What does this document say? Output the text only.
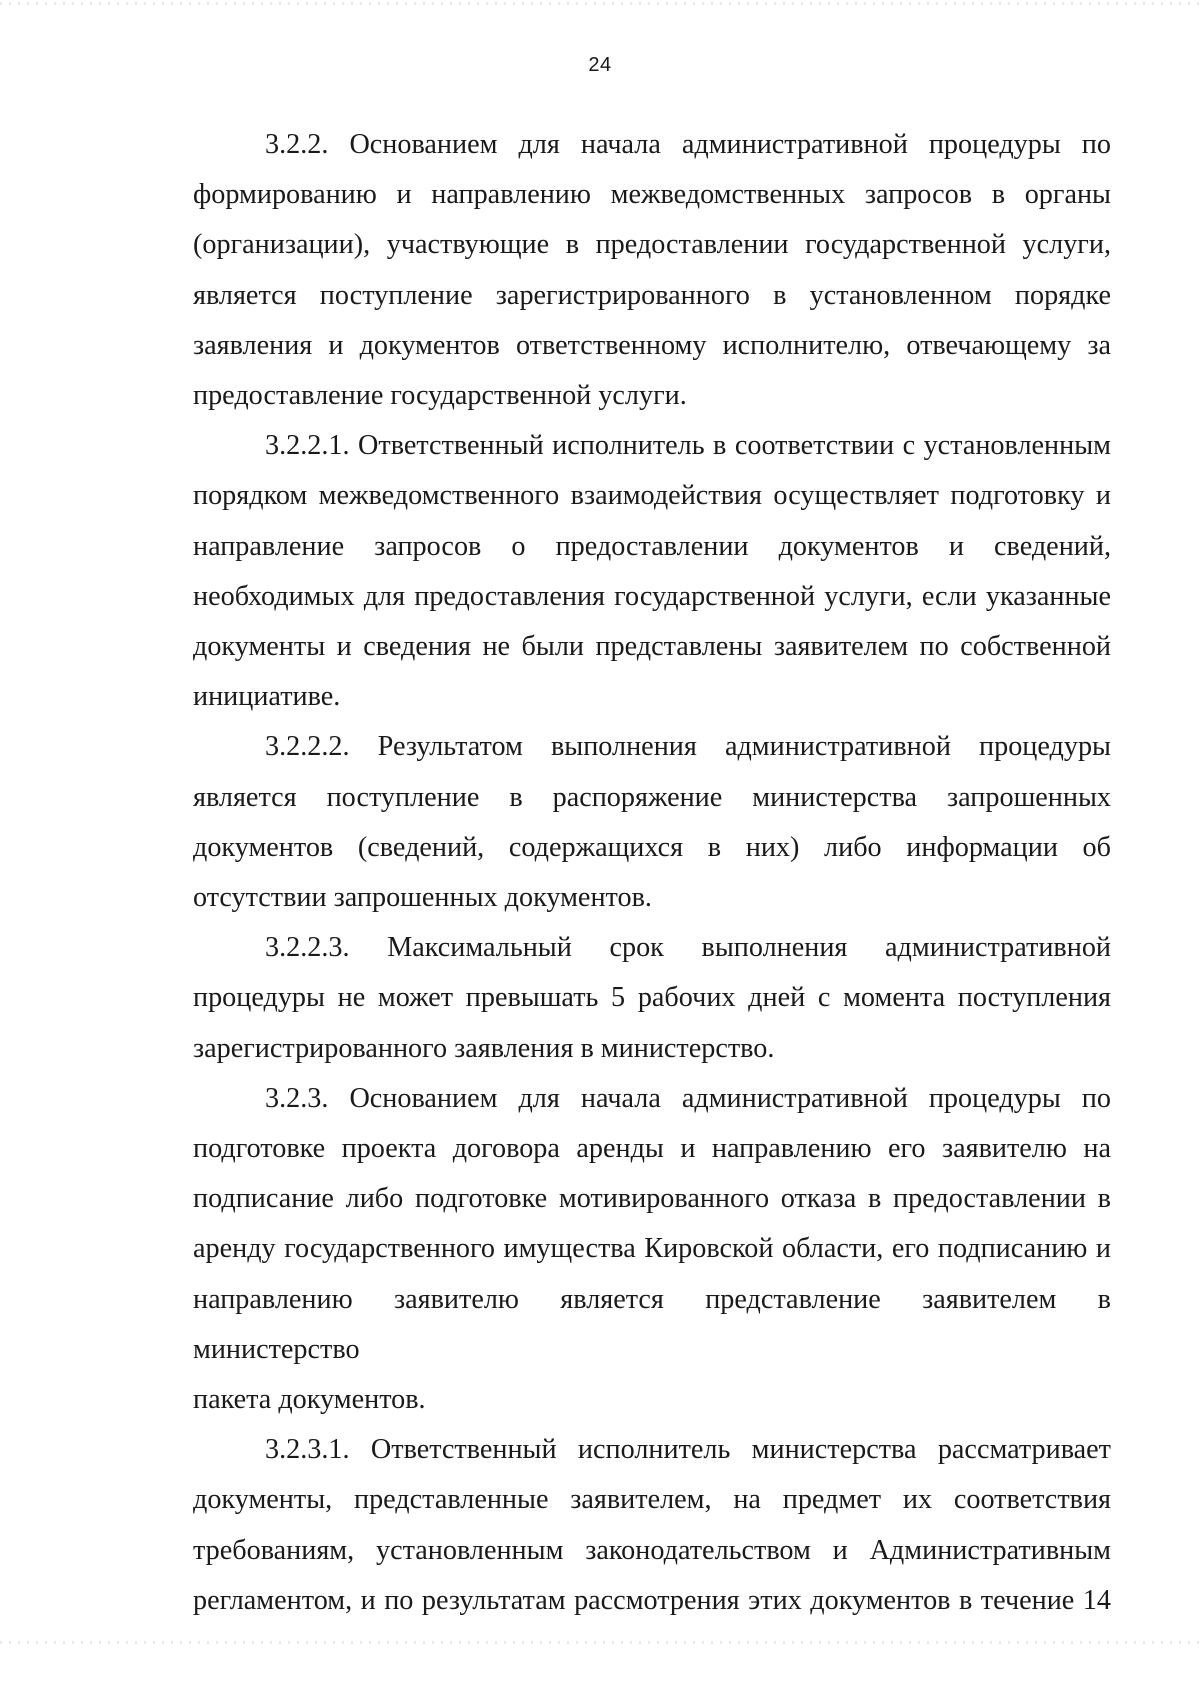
24

3.2.2. Основанием для начала административной процедуры по
формированию и направлению межведомственных запросов в органы
(организации), участвующие в предоставлении государственной услуги,
является поступление зарегистрированного в установленном порядке
заявления и документов ответственному исполнителю, отвечающему за
предоставление государственной услуги.

3.2.2.1. Ответственный исполнитель в соответствии с установленным
порядком межведомственного взаимодействия осуществляет подготовку и
направление запросов о предоставлении документов и сведений,
необходимых для предоставления государственной услуги, если указанные
документы и сведения не были представлены заявителем по собственной
инициативе.

3.2.2.2. Результатом выполнения административной процедуры
является поступление в распоряжение министерства запрошенных
документов (сведений, содержащихся в них) либо информации об
отсутствии запрошенных документов.

3.2.2.3. Максимальный срок выполнения административной
процедуры не может превышать 5 рабочих дней с момента поступления
зарегистрированного заявления в министерство.

3.2.3. Основанием для начала административной процедуры по
подготовке проекта договора аренды и направлению его заявителю на
подписание либо подготовке мотивированного отказа в предоставлении в
аренду государственного имущества Кировской области, его подписанию и
направлению заявителю является представление заявителем в министерство
пакета документов.

3.2.3.1. Ответственный исполнитель министерства рассматривает
документы, представленные заявителем, на предмет их соответствия
требованиям, установленным законодательством и Административным
регламентом, и по результатам рассмотрения этих документов в течение 14
